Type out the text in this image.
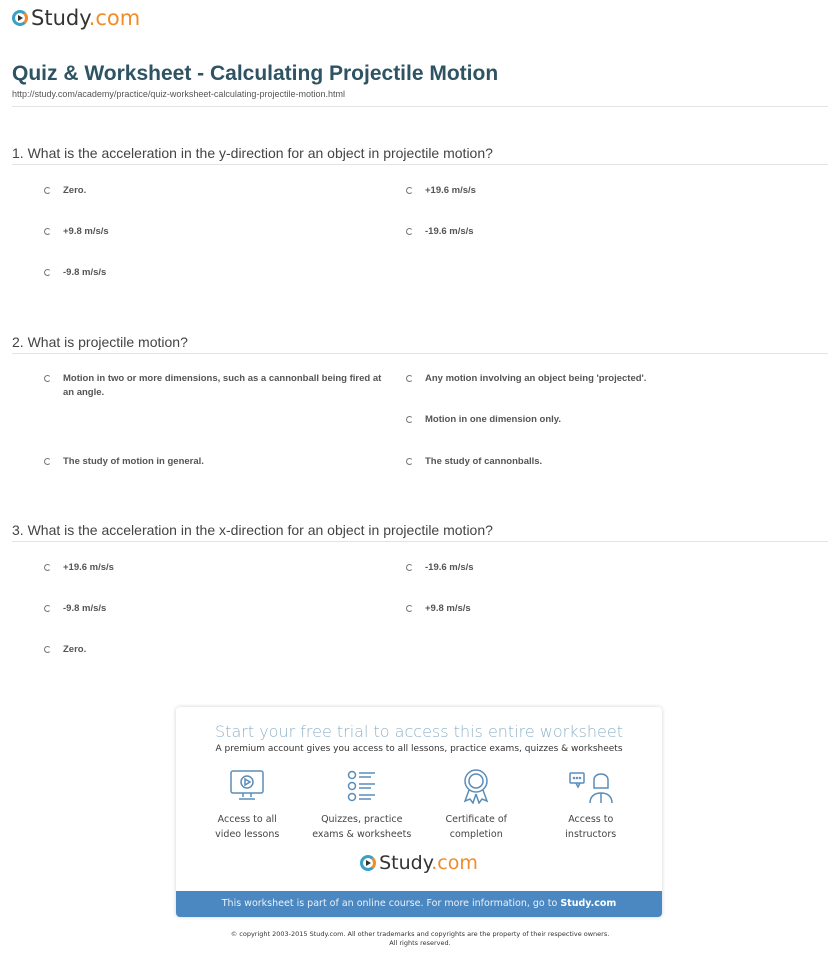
Study.com
Quiz & Worksheet - Calculating Projectile Motion
http://study.com/academy/practice/quiz-worksheet-calculating-projectile-motion.html
1. What is the acceleration in the y-direction for an object in projectile motion?
Zero.	+19.6 m/s/s
+9.8 m/s/s	-19.6 m/s/s
-9.8 m/s/s
2. What is projectile motion?
Motion in two or more dimensions, such as a cannonball being fired at an angle.
Any motion involving an object being 'projected'.
Motion in one dimension only.
The study of motion in general.	The study of cannonballs.
3. What is the acceleration in the x-direction for an object in projectile motion?
+19.6 m/s/s	-19.6 m/s/s
-9.8 m/s/s	+9.8 m/s/s
Zero.
Start your free trial to access this entire worksheet
A premium account gives you access to all lessons, practice exams, quizzes & worksheets
Access to all
video lessons
Quizzes, practice
exams & worksheets
Certificate of
completion
Access to
instructors
Study.com
This worksheet is part of an online course. For more information, go to Study.com
© copyright 2003-2015 Study.com. All other trademarks and copyrights are the property of their respective owners.
All rights reserved.
